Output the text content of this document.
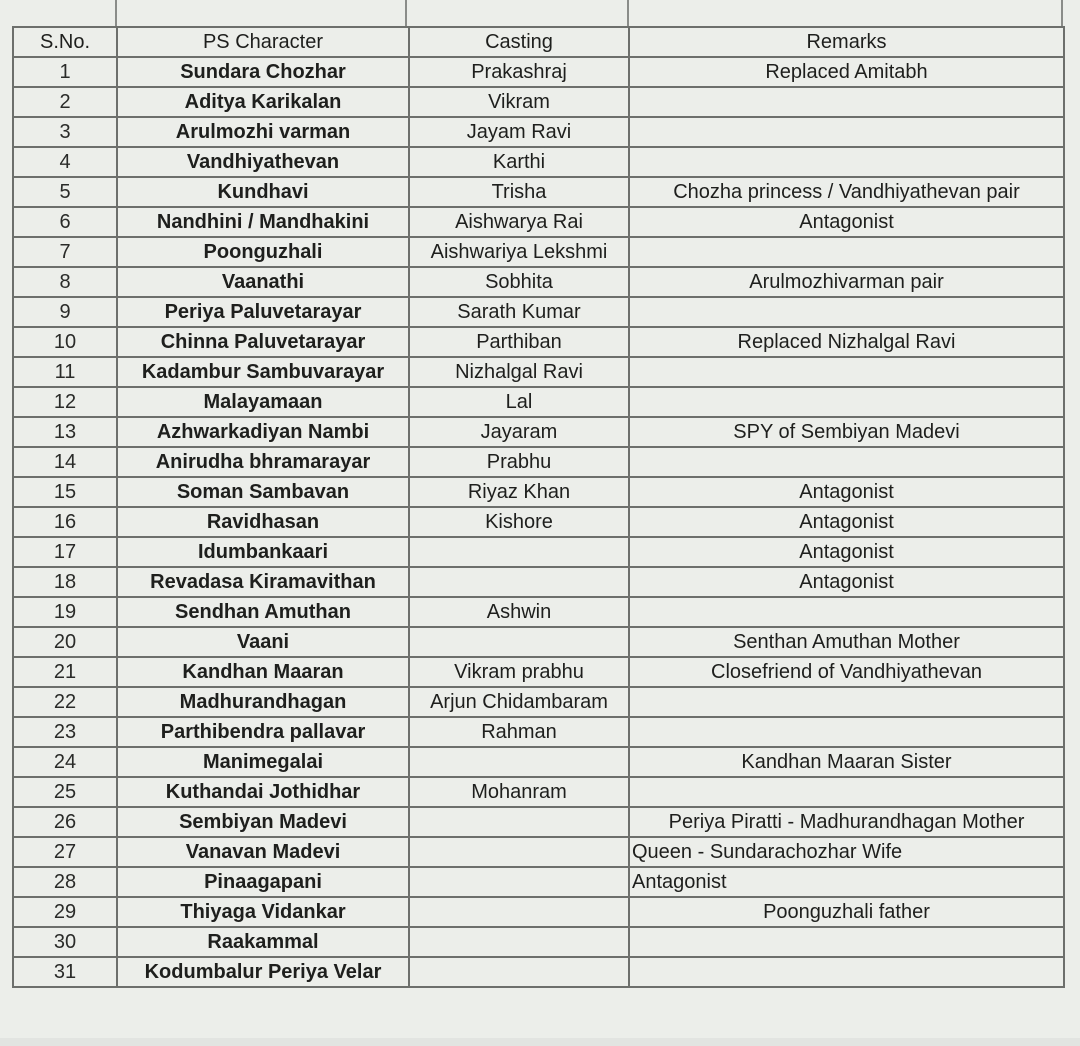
S.No.	PS Character	Casting	Remarks
1	Sundara Chozhar	Prakashraj	Replaced Amitabh
2	Aditya Karikalan	Vikram	
3	Arulmozhi varman	Jayam Ravi	
4	Vandhiyathevan	Karthi	
5	Kundhavi	Trisha	Chozha princess / Vandhiyathevan pair
6	Nandhini / Mandhakini	Aishwarya Rai	Antagonist
7	Poonguzhali	Aishwariya Lekshmi	
8	Vaanathi	Sobhita	Arulmozhivarman pair
9	Periya Paluvetarayar	Sarath Kumar	
10	Chinna Paluvetarayar	Parthiban	Replaced Nizhalgal Ravi
11	Kadambur Sambuvarayar	Nizhalgal Ravi	
12	Malayamaan	Lal	
13	Azhwarkadiyan Nambi	Jayaram	SPY of Sembiyan Madevi
14	Anirudha bhramarayar	Prabhu	
15	Soman Sambavan	Riyaz Khan	Antagonist
16	Ravidhasan	Kishore	Antagonist
17	Idumbankaari		Antagonist
18	Revadasa Kiramavithan		Antagonist
19	Sendhan Amuthan	Ashwin	
20	Vaani		Senthan Amuthan Mother
21	Kandhan Maaran	Vikram prabhu	Closefriend of Vandhiyathevan
22	Madhurandhagan	Arjun Chidambaram	
23	Parthibendra pallavar	Rahman	
24	Manimegalai		Kandhan Maaran Sister
25	Kuthandai Jothidhar	Mohanram	
26	Sembiyan Madevi		Periya Piratti - Madhurandhagan Mother
27	Vanavan Madevi		Queen - Sundarachozhar Wife
28	Pinaagapani		Antagonist
29	Thiyaga Vidankar		Poonguzhali father
30	Raakammal		
31	Kodumbalur Periya Velar		
